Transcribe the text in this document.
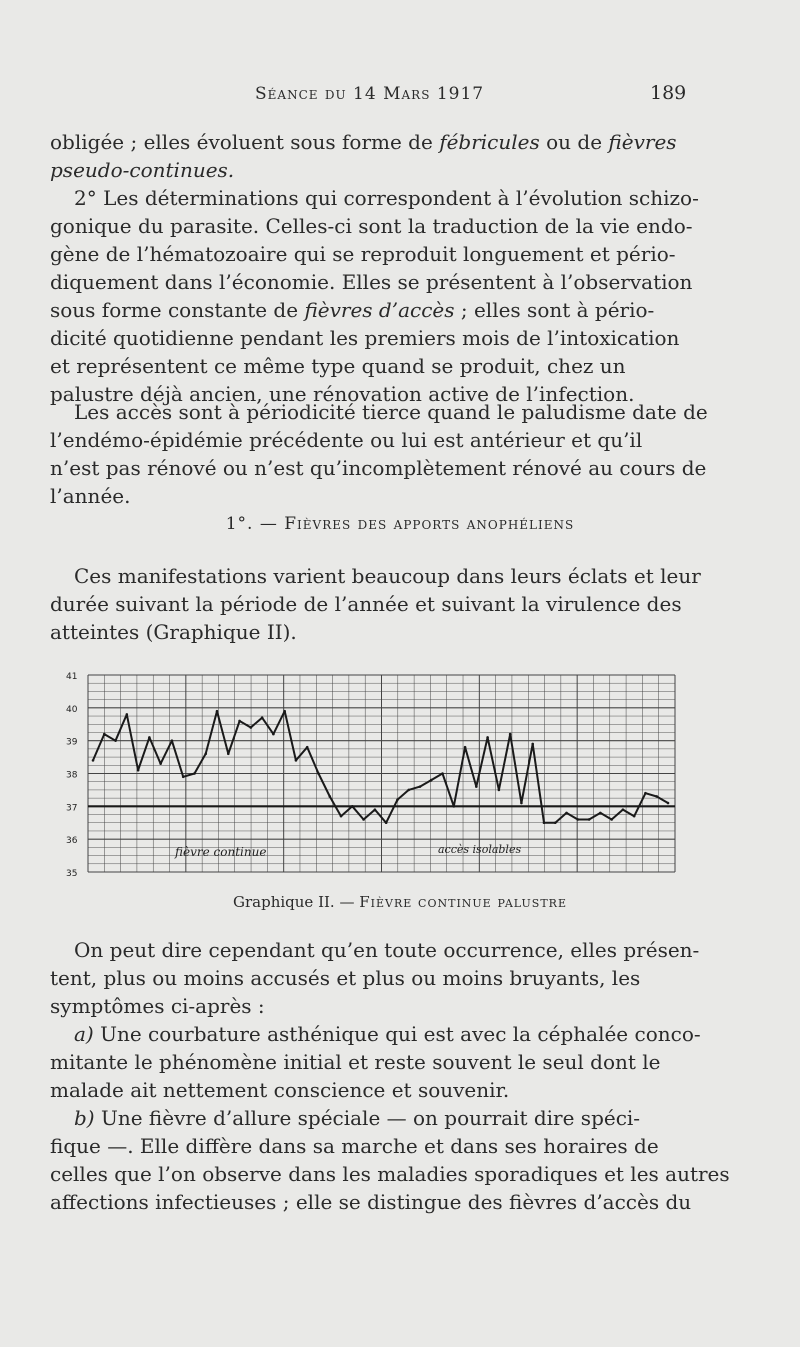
Séance du 14 Mars 1917	189
obligée ; elles évoluent sous forme de fébricules ou de fièvres
pseudo-continues.
2° Les déterminations qui correspondent à l’évolution schizo-
gonique du parasite. Celles-ci sont la traduction de la vie endo-
gène de l’hématozoaire qui se reproduit longuement et pério-
diquement dans l’économie. Elles se présentent à l’observation
sous forme constante de fièvres d’accès ; elles sont à pério-
dicité quotidienne pendant les premiers mois de l’intoxication
et représentent ce même type quand se produit, chez un
palustre déjà ancien, une rénovation active de l’infection.
Les accès sont à périodicité tierce quand le paludisme date de
l’endémo-épidémie précédente ou lui est antérieur et qu’il
n’est pas rénové ou n’est qu’incomplètement rénové au cours de
l’année.
1°. — Fièvres des apports anophéliens
Ces manifestations varient beaucoup dans leurs éclats et leur
durée suivant la période de l’année et suivant la virulence des
atteintes (Graphique II).
41
40
39
38
37
36
35
fièvre continue	accès isolables
Graphique II. — Fièvre continue palustre
On peut dire cependant qu’en toute occurrence, elles présen-
tent, plus ou moins accusés et plus ou moins bruyants, les
symptômes ci-après :
a) Une courbature asthénique qui est avec la céphalée conco-
mitante le phénomène initial et reste souvent le seul dont le
malade ait nettement conscience et souvenir.
b) Une fièvre d’allure spéciale — on pourrait dire spéci-
fique —. Elle diffère dans sa marche et dans ses horaires de
celles que l’on observe dans les maladies sporadiques et les autres
affections infectieuses ; elle se distingue des fièvres d’accès du
